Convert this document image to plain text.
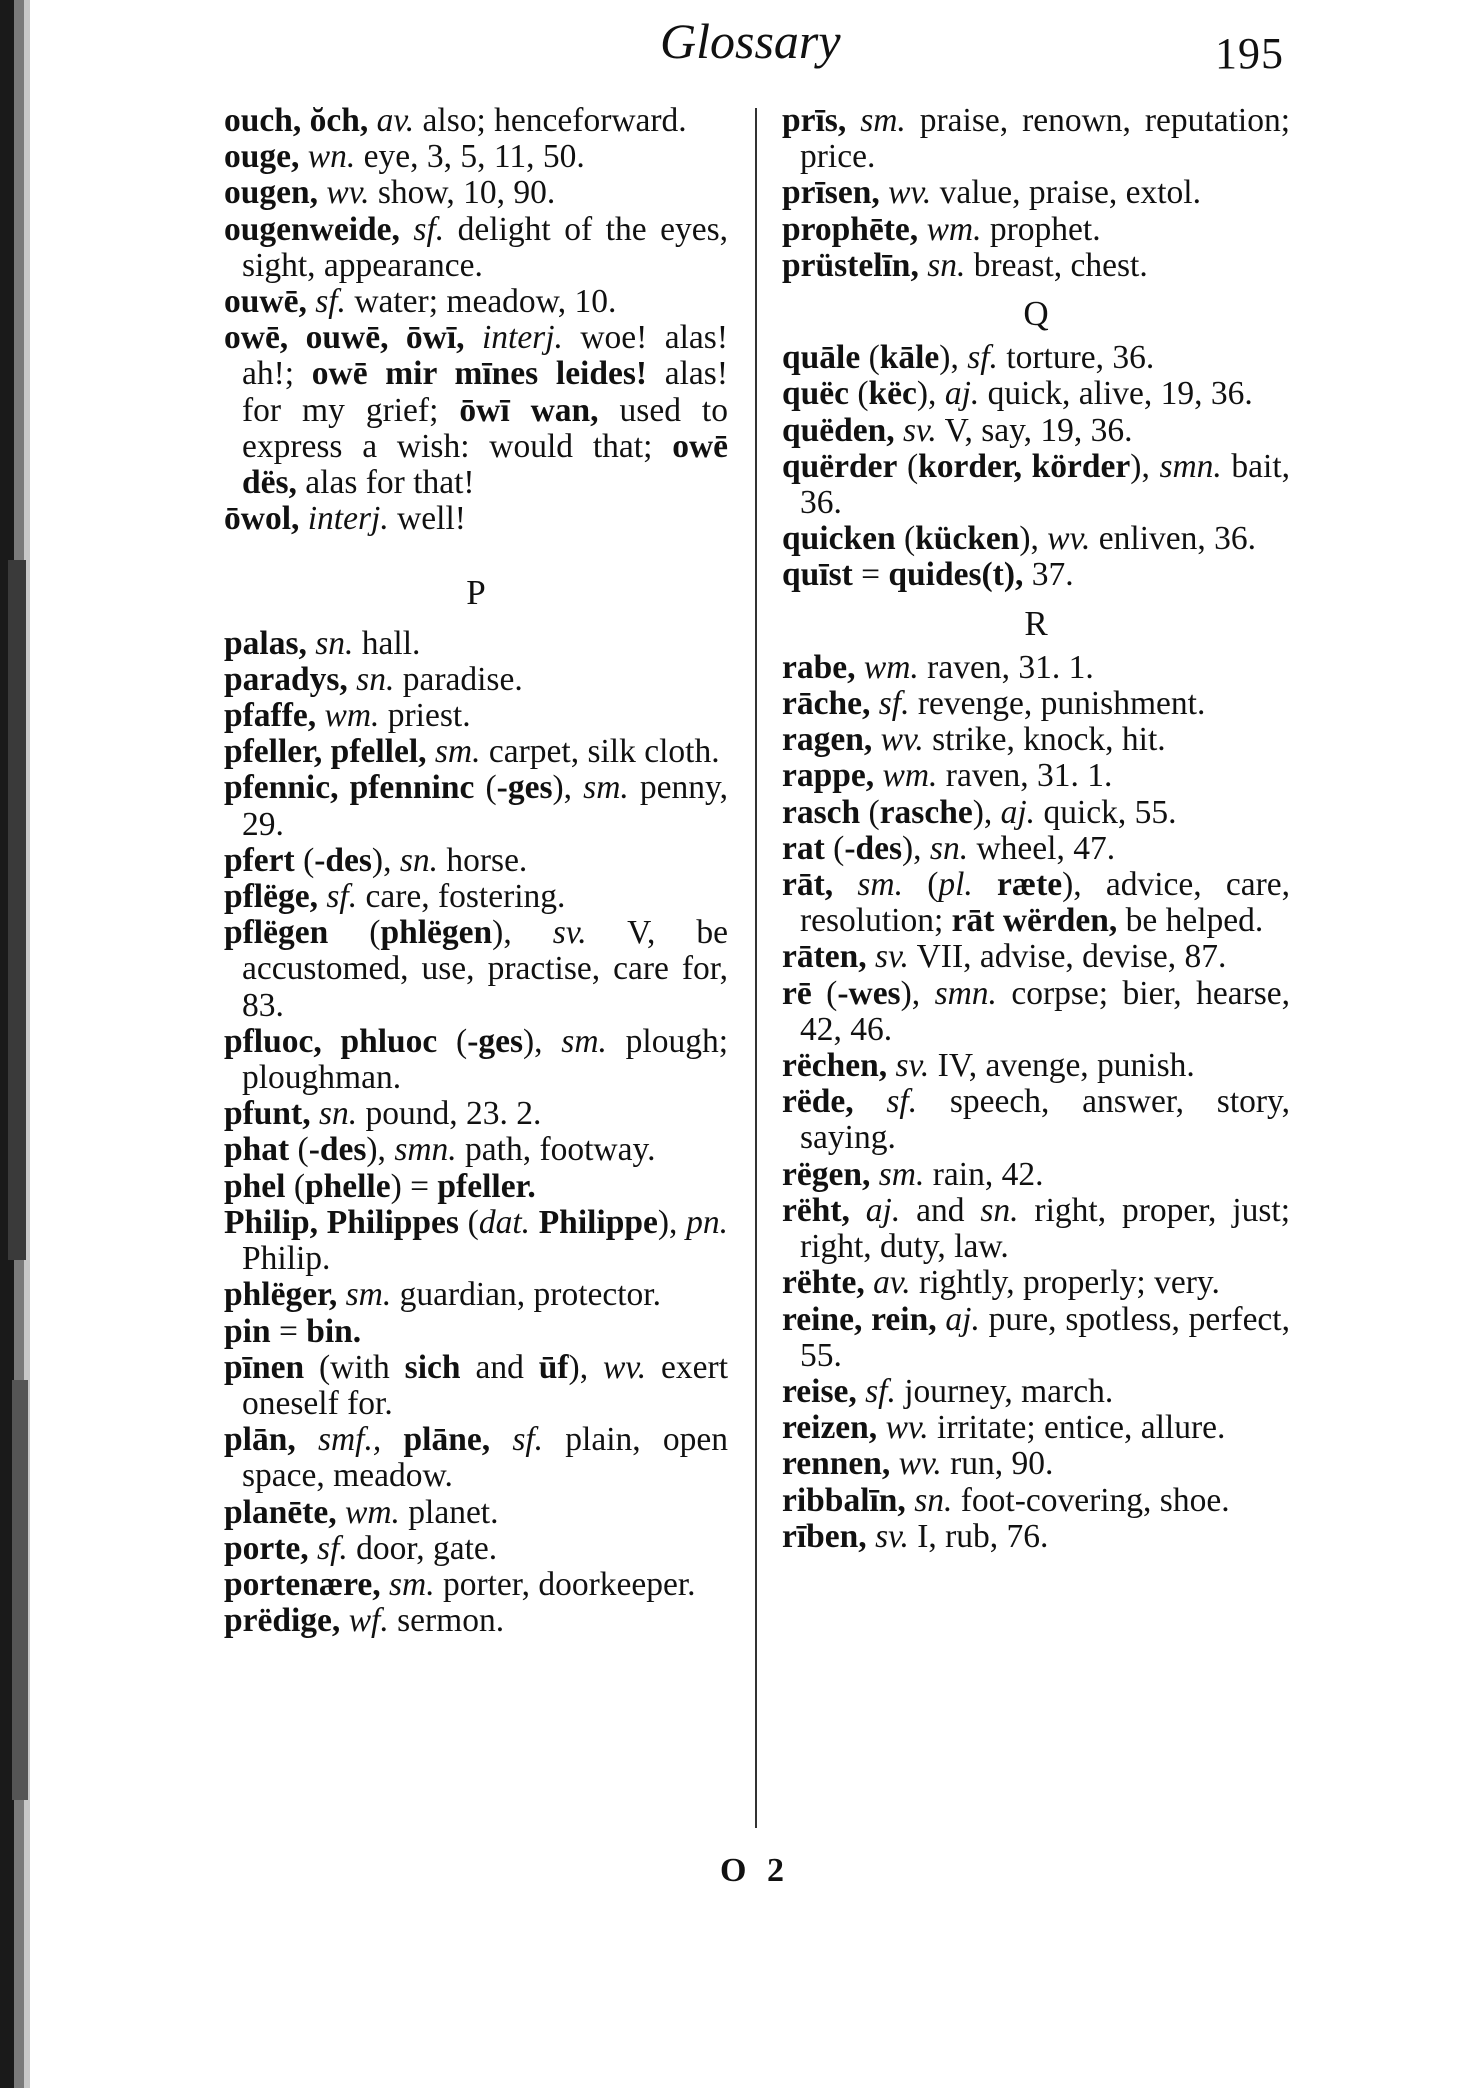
Glossary	195

ouch, ŏch, av. also; henceforward.

ouge, wn. eye, 3, 5, 11, 50.

ougen, wv. show, 10, 90.

ougenweide, sf. delight of the eyes, sight, appearance.

ouwē, sf. water; meadow, 10.

owē, ouwē, ōwī, interj. woe! alas! ah!; owē mir mīnes leides! alas! for my grief; ōwī wan, used to express a wish: would that; owē dës, alas for that!

ōwol, interj. well!

P

palas, sn. hall.

paradys, sn. paradise.

pfaffe, wm. priest.

pfeller, pfellel, sm. carpet, silk cloth.

pfennic, pfenninc (-ges), sm. penny, 29.

pfert (-des), sn. horse.

pflëge, sf. care, fostering.

pflëgen (phlëgen), sv. V, be accustomed, use, practise, care for, 83.

pfluoc, phluoc (-ges), sm. plough; ploughman.

pfunt, sn. pound, 23. 2.

phat (-des), smn. path, footway.

phel (phelle) = pfeller.

Philip, Philippes (dat. Philippe), pn. Philip.

phlëger, sm. guardian, protector.

pin = bin.

pīnen (with sich and ūf), wv. exert oneself for.

plān, smf., plāne, sf. plain, open space, meadow.

planēte, wm. planet.

porte, sf. door, gate.

portenære, sm. porter, doorkeeper.

prëdige, wf. sermon.

prīs, sm. praise, renown, reputation; price.

prīsen, wv. value, praise, extol.

prophēte, wm. prophet.

prüstelīn, sn. breast, chest.

Q

quāle (kāle), sf. torture, 36.

quëc (këc), aj. quick, alive, 19, 36.

quëden, sv. V, say, 19, 36.

quërder (korder, körder), smn. bait, 36.

quicken (kücken), wv. enliven, 36.

quīst = quides(t), 37.

R

rabe, wm. raven, 31. 1.

rāche, sf. revenge, punishment.

ragen, wv. strike, knock, hit.

rappe, wm. raven, 31. 1.

rasch (rasche), aj. quick, 55.

rat (-des), sn. wheel, 47.

rāt, sm. (pl. ræte), advice, care, resolution; rāt wërden, be helped.

rāten, sv. VII, advise, devise, 87.

rē (-wes), smn. corpse; bier, hearse, 42, 46.

rëchen, sv. IV, avenge, punish.

rëde, sf. speech, answer, story, saying.

rëgen, sm. rain, 42.

rëht, aj. and sn. right, proper, just; right, duty, law.

rëhte, av. rightly, properly; very.

reine, rein, aj. pure, spotless, perfect, 55.

reise, sf. journey, march.

reizen, wv. irritate; entice, allure.

rennen, wv. run, 90.

ribbalīn, sn. foot-covering, shoe.

rīben, sv. I, rub, 76.

O 2
